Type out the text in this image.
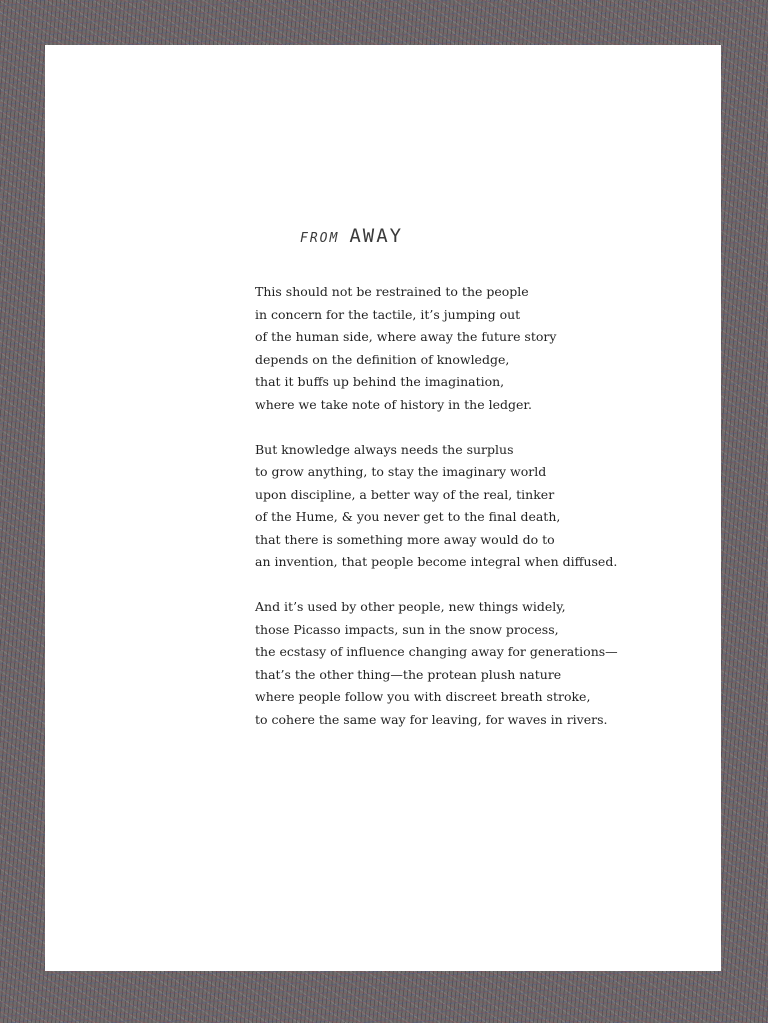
FROM AWAY
This should not be restrained to the people
in concern for the tactile, it’s jumping out
of the human side, where away the future story
depends on the definition of knowledge,
that it buffs up behind the imagination,
where we take note of history in the ledger.
But knowledge always needs the surplus
to grow anything, to stay the imaginary world
upon discipline, a better way of the real, tinker
of the Hume, & you never get to the final death,
that there is something more away would do to
an invention, that people become integral when diffused.
And it’s used by other people, new things widely,
those Picasso impacts, sun in the snow process,
the ecstasy of influence changing away for generations—
that’s the other thing—the protean plush nature
where people follow you with discreet breath stroke,
to cohere the same way for leaving, for waves in rivers.
